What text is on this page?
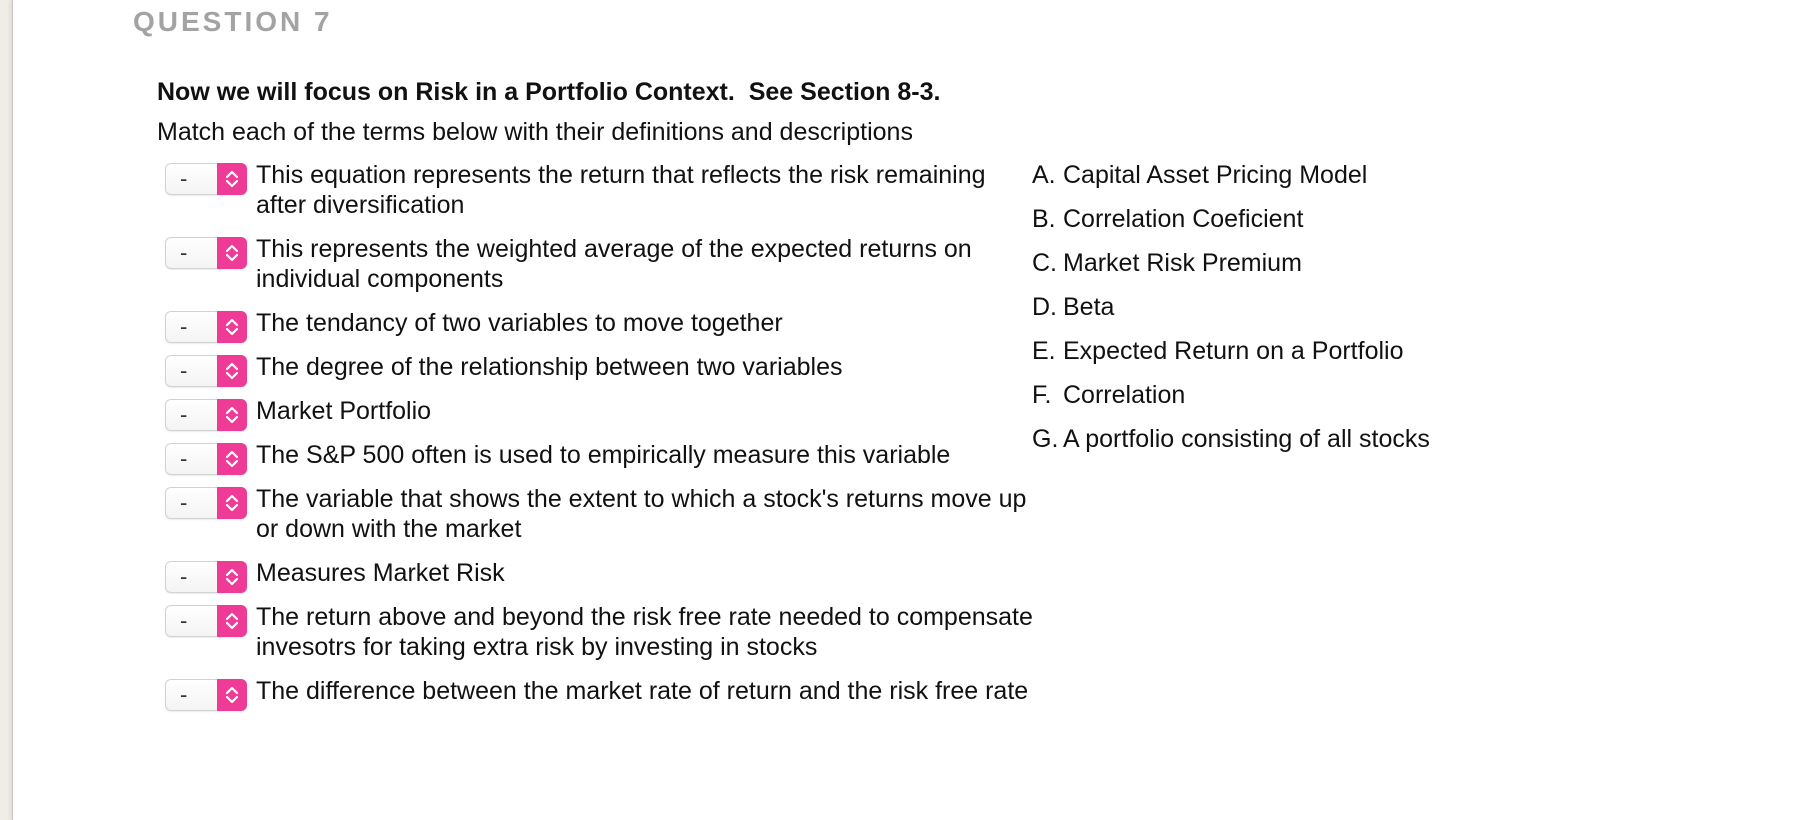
QUESTION 7
Now we will focus on Risk in a Portfolio Context.  See Section 8-3.
Match each of the terms below with their definitions and descriptions
-	This equation represents the return that reflects the risk remaining after diversification
-	This represents the weighted average of the expected returns on individual components
-	The tendancy of two variables to move together
-	The degree of the relationship between two variables
-	Market Portfolio
-	The S&P 500 often is used to empirically measure this variable
-	The variable that shows the extent to which a stock's returns move up or down with the market
-	Measures Market Risk
-	The return above and beyond the risk free rate needed to compensate invesotrs for taking extra risk by investing in stocks
-	The difference between the market rate of return and the risk free rate
A. Capital Asset Pricing Model
B. Correlation Coeficient
C. Market Risk Premium
D. Beta
E. Expected Return on a Portfolio
F. Correlation
G. A portfolio consisting of all stocks
